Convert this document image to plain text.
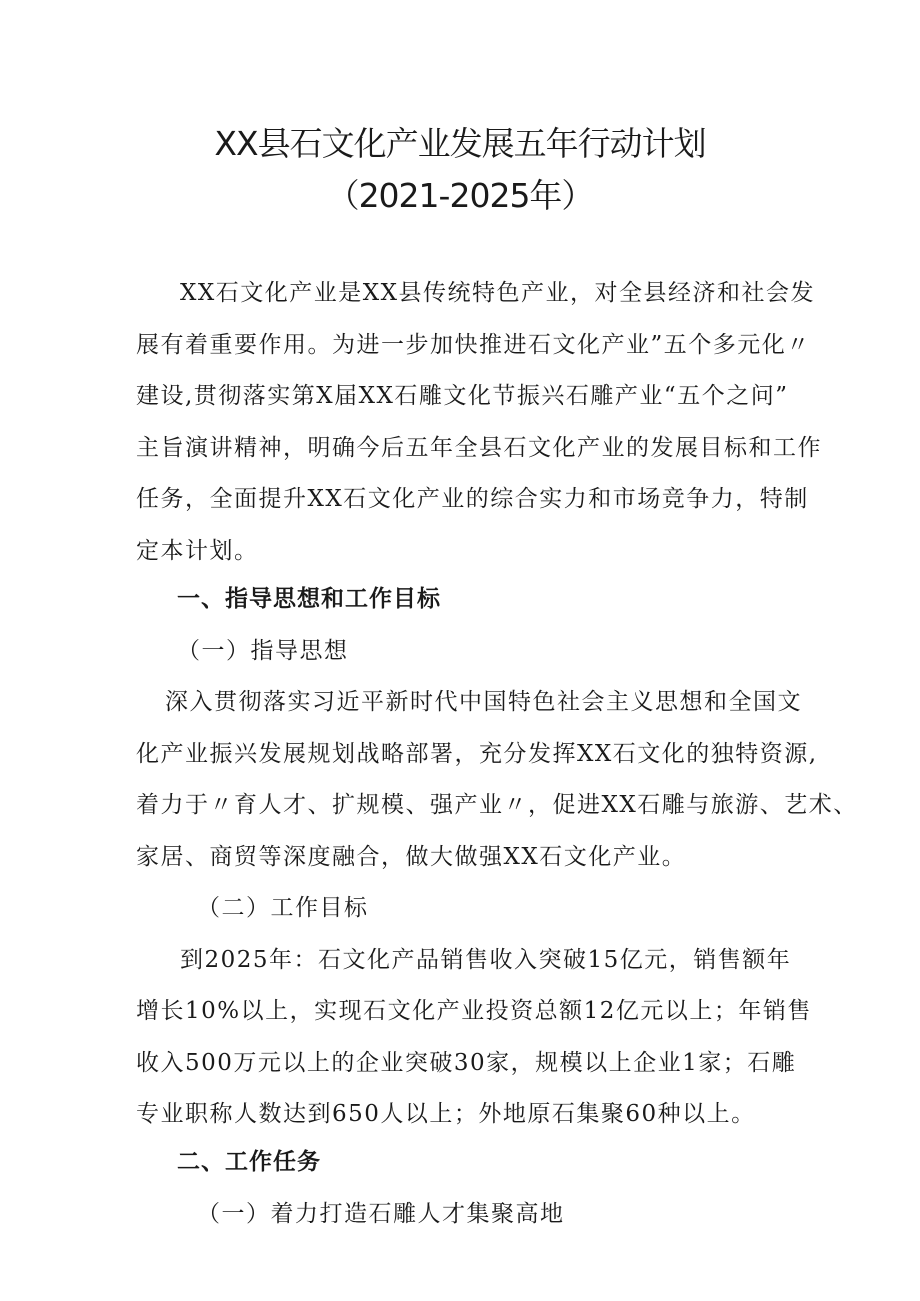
XX县石文化产业发展五年行动计划
（2021-2025年）
XX石文化产业是XX县传统特色产业，对全县经济和社会发
展有着重要作用。为进一步加快推进石文化产业”五个多元化〃
建设,贯彻落实第X届XX石雕文化节振兴石雕产业“五个之问”
主旨演讲精神，明确今后五年全县石文化产业的发展目标和工作
任务，全面提升XX石文化产业的综合实力和市场竞争力，特制
定本计划。
一、指导思想和工作目标
（一）指导思想
深入贯彻落实习近平新时代中国特色社会主义思想和全国文
化产业振兴发展规划战略部署，充分发挥XX石文化的独特资源,
着力于〃育人才、扩规模、强产业〃，促进XX石雕与旅游、艺术、
家居、商贸等深度融合，做大做强XX石文化产业。
（二）工作目标
到2025年：石文化产品销售收入突破15亿元，销售额年
增长10%以上，实现石文化产业投资总额12亿元以上；年销售
收入500万元以上的企业突破30家，规模以上企业1家；石雕
专业职称人数达到650人以上；外地原石集聚60种以上。
二、工作任务
（一）着力打造石雕人才集聚高地
